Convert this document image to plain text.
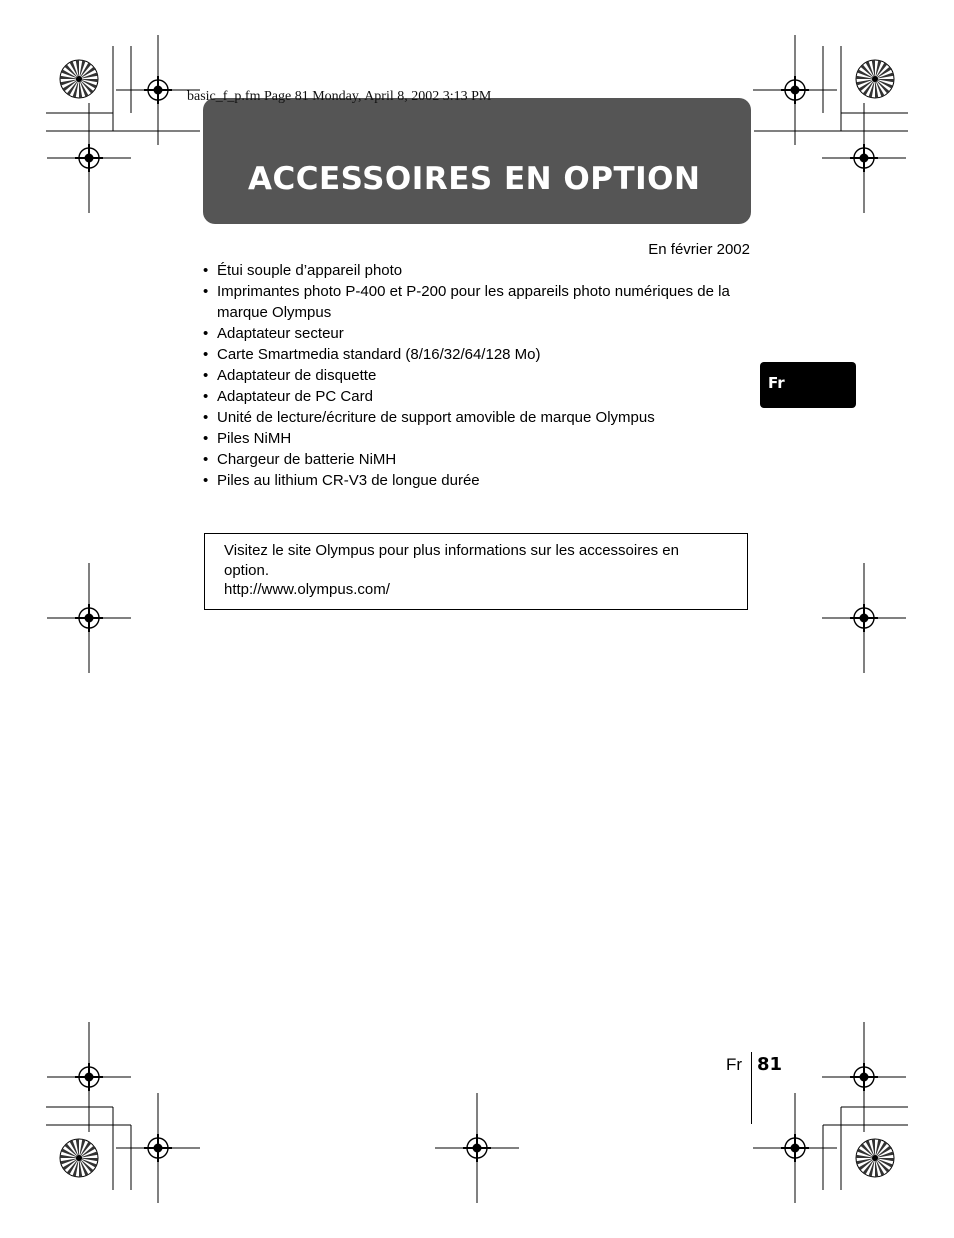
basic_f_p.fm Page 81 Monday, April 8, 2002 3:13 PM
ACCESSOIRES EN OPTION
En février 2002
• Étui souple d’appareil photo
• Imprimantes photo P-400 et P-200 pour les appareils photo numériques de la marque Olympus
• Adaptateur secteur
• Carte Smartmedia standard (8/16/32/64/128 Mo)
• Adaptateur de disquette
• Adaptateur de PC Card
• Unité de lecture/écriture de support amovible de marque Olympus
• Piles NiMH
• Chargeur de batterie NiMH
• Piles au lithium CR-V3 de longue durée

Visitez le site Olympus pour plus informations sur les accessoires en option.

http://www.olympus.com/

Fr
Fr 81
